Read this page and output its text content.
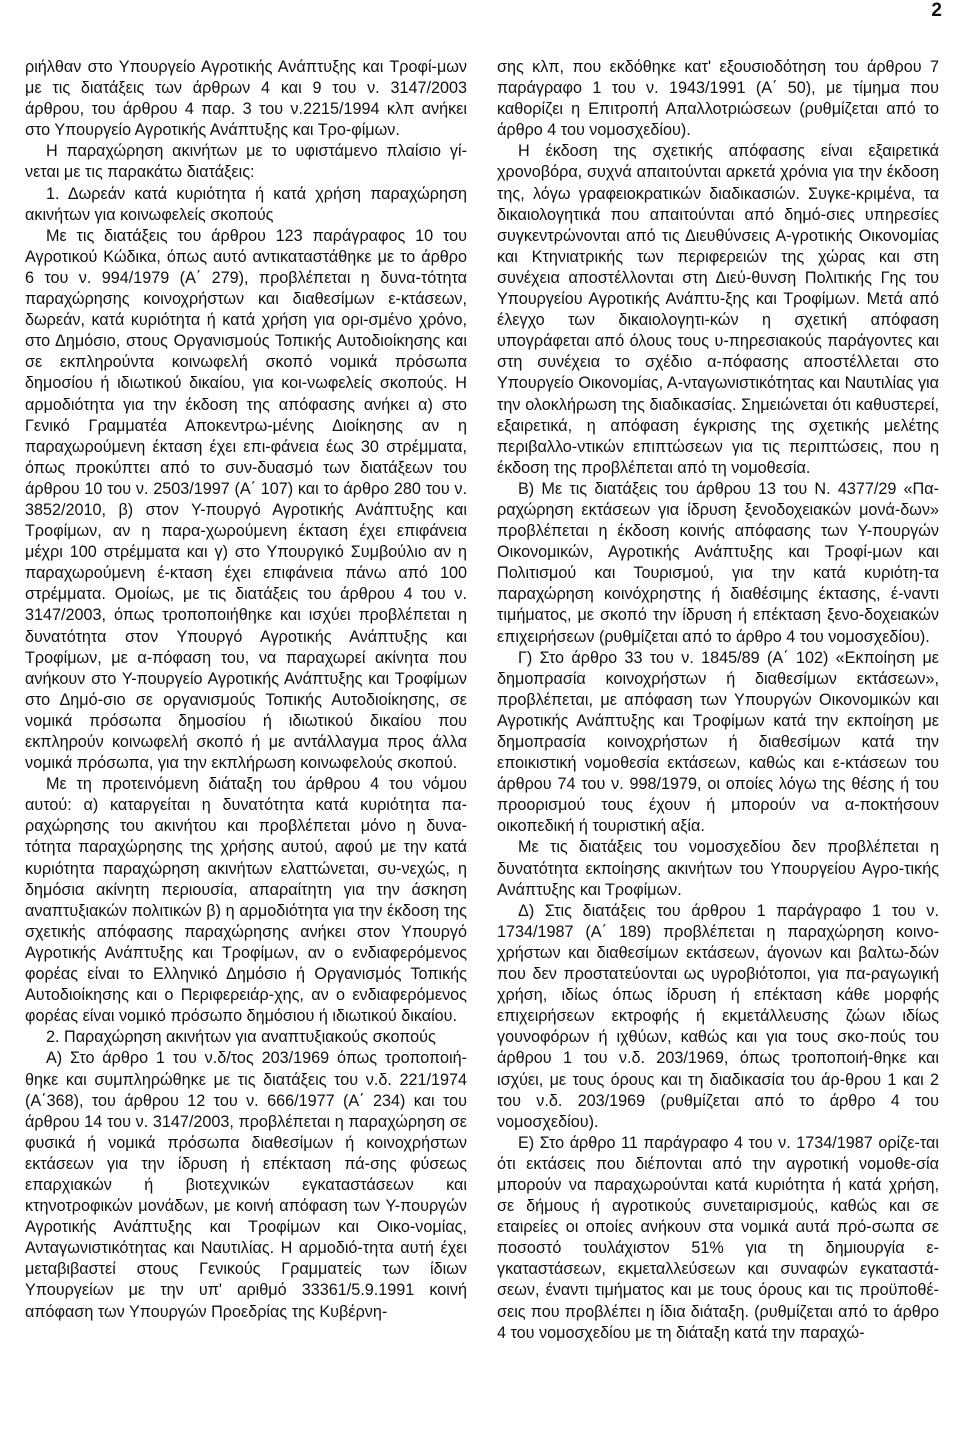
2

ριήλθαν στο Υπουργείο Αγροτικής Ανάπτυξης και Τροφί-μων με τις διατάξεις των άρθρων 4 και 9 του ν. 3147/2003 άρθρου, του άρθρου 4 παρ. 3 του ν.2215/1994 κλπ ανήκει στο Υπουργείο Αγροτικής Ανάπτυξης και Τρο-φίμων.

Η παραχώρηση ακινήτων με το υφιστάμενο πλαίσιο γί-νεται με τις παρακάτω διατάξεις:

1. Δωρεάν κατά κυριότητα ή κατά χρήση παραχώρηση ακινήτων για κοινωφελείς σκοπούς

Με τις διατάξεις του άρθρου 123 παράγραφος 10 του Αγροτικού Κώδικα, όπως αυτό αντικαταστάθηκε με το άρθρο 6 του ν. 994/1979 (Α΄ 279), προβλέπεται η δυνα-τότητα παραχώρησης κοινοχρήστων και διαθεσίμων ε-κτάσεων, δωρεάν, κατά κυριότητα ή κατά χρήση για ορι-σμένο χρόνο, στο Δημόσιο, στους Οργανισμούς Τοπικής Αυτοδιοίκησης και σε εκπληρούντα κοινωφελή σκοπό νομικά πρόσωπα δημοσίου ή ιδιωτικού δικαίου, για κοι-νωφελείς σκοπούς. Η αρμοδιότητα για την έκδοση της απόφασης ανήκει α) στο Γενικό Γραμματέα Αποκεντρω-μένης Διοίκησης αν η παραχωρούμενη έκταση έχει επι-φάνεια έως 30 στρέμματα, όπως προκύπτει από το συν-δυασμό των διατάξεων του άρθρου 10 του ν. 2503/1997 (Α΄ 107) και το άρθρο 280 του ν. 3852/2010, β) στον Υ-πουργό Αγροτικής Ανάπτυξης και Τροφίμων, αν η παρα-χωρούμενη έκταση έχει επιφάνεια μέχρι 100 στρέμματα και γ) στο Υπουργικό Συμβούλιο αν η παραχωρούμενη έ-κταση έχει επιφάνεια πάνω από 100 στρέμματα. Ομοίως, με τις διατάξεις του άρθρου 4 του ν. 3147/2003, όπως τροποποιήθηκε και ισχύει προβλέπεται η δυνατότητα στον Υπουργό Αγροτικής Ανάπτυξης και Τροφίμων, με α-πόφαση του, να παραχωρεί ακίνητα που ανήκουν στο Υ-πουργείο Αγροτικής Ανάπτυξης και Τροφίμων στο Δημό-σιο σε οργανισμούς Τοπικής Αυτοδιοίκησης, σε νομικά πρόσωπα δημοσίου ή ιδιωτικού δικαίου που εκπληρούν κοινωφελή σκοπό ή με αντάλλαγμα προς άλλα νομικά πρόσωπα, για την εκπλήρωση κοινωφελούς σκοπού.

Με τη προτεινόμενη διάταξη του άρθρου 4 του νόμου αυτού: α) καταργείται η δυνατότητα κατά κυριότητα πα-ραχώρησης του ακινήτου και προβλέπεται μόνο η δυνα-τότητα παραχώρησης της χρήσης αυτού, αφού με την κατά κυριότητα παραχώρηση ακινήτων ελαττώνεται, συ-νεχώς, η δημόσια ακίνητη περιουσία, απαραίτητη για την άσκηση αναπτυξιακών πολιτικών β) η αρμοδιότητα για την έκδοση της σχετικής απόφασης παραχώρησης ανήκει στον Υπουργό Αγροτικής Ανάπτυξης και Τροφίμων, αν ο ενδιαφερόμενος φορέας είναι το Ελληνικό Δημόσιο ή Οργανισμός Τοπικής Αυτοδιοίκησης και ο Περιφερειάρ-χης, αν ο ενδιαφερόμενος φορέας είναι νομικό πρόσωπο δημόσιου ή ιδιωτικού δικαίου.

2. Παραχώρηση ακινήτων για αναπτυξιακούς σκοπούς

Α) Στο άρθρο 1 του ν.δ/τος 203/1969 όπως τροποποιή-θηκε και συμπληρώθηκε με τις διατάξεις του ν.δ. 221/1974 (Α΄368), του άρθρου 12 του ν. 666/1977 (Α΄ 234) και του άρθρου 14 του ν. 3147/2003, προβλέπεται η παραχώρηση σε φυσικά ή νομικά πρόσωπα διαθεσίμων ή κοινοχρήστων εκτάσεων για την ίδρυση ή επέκταση πά-σης φύσεως επαρχιακών ή βιοτεχνικών εγκαταστάσεων και κτηνοτροφικών μονάδων, με κοινή απόφαση των Υ-πουργών Αγροτικής Ανάπτυξης και Τροφίμων και Οικο-νομίας, Ανταγωνιστικότητας και Ναυτιλίας. Η αρμοδιό-τητα αυτή έχει μεταβιβαστεί στους Γενικούς Γραμματείς των ίδιων Υπουργείων με την υπ' αριθμό 33361/5.9.1991 κοινή απόφαση των Υπουργών Προεδρίας της Κυβέρνη-

σης κλπ, που εκδόθηκε κατ' εξουσιοδότηση του άρθρου 7 παράγραφο 1 του ν. 1943/1991 (Α΄ 50), με τίμημα που καθορίζει η Επιτροπή Απαλλοτριώσεων (ρυθμίζεται από το άρθρο 4 του νομοσχεδίου).

Η έκδοση της σχετικής απόφασης είναι εξαιρετικά χρονοβόρα, συχνά απαιτούνται αρκετά χρόνια για την έκδοση της, λόγω γραφειοκρατικών διαδικασιών. Συγκε-κριμένα, τα δικαιολογητικά που απαιτούνται από δημό-σιες υπηρεσίες συγκεντρώνονται από τις Διευθύνσεις Α-γροτικής Οικονομίας και Κτηνιατρικής των περιφερειών της χώρας και στη συνέχεια αποστέλλονται στη Διεύ-θυνση Πολιτικής Γης του Υπουργείου Αγροτικής Ανάπτυ-ξης και Τροφίμων. Μετά από έλεγχο των δικαιολογητι-κών η σχετική απόφαση υπογράφεται από όλους τους υ-πηρεσιακούς παράγοντες και στη συνέχεια το σχέδιο α-πόφασης αποστέλλεται στο Υπουργείο Οικονομίας, Α-νταγωνιστικότητας και Ναυτιλίας για την ολοκλήρωση της διαδικασίας. Σημειώνεται ότι καθυστερεί, εξαιρετικά, η απόφαση έγκρισης της σχετικής μελέτης περιβαλλο-ντικών επιπτώσεων για τις περιπτώσεις, που η έκδοση της προβλέπεται από τη νομοθεσία.

Β) Με τις διατάξεις του άρθρου 13 του Ν. 4377/29 «Πα-ραχώρηση εκτάσεων για ίδρυση ξενοδοχειακών μονά-δων» προβλέπεται η έκδοση κοινής απόφασης των Υ-πουργών Οικονομικών, Αγροτικής Ανάπτυξης και Τροφί-μων και Πολιτισμού και Τουρισμού, για την κατά κυριότη-τα παραχώρηση κοινόχρηστης ή διαθέσιμης έκτασης, έ-ναντι τιμήματος, με σκοπό την ίδρυση ή επέκταση ξενο-δοχειακών επιχειρήσεων (ρυθμίζεται από το άρθρο 4 του νομοσχεδίου).

Γ) Στο άρθρο 33 του ν. 1845/89 (Α΄ 102) «Εκποίηση με δημοπρασία κοινοχρήστων ή διαθεσίμων εκτάσεων», προβλέπεται, με απόφαση των Υπουργών Οικονομικών και Αγροτικής Ανάπτυξης και Τροφίμων κατά την εκποίηση με δημοπρασία κοινοχρήστων ή διαθεσίμων κατά την εποικιστική νομοθεσία εκτάσεων, καθώς και ε-κτάσεων του άρθρου 74 του ν. 998/1979, οι οποίες λόγω της θέσης ή του προορισμού τους έχουν ή μπορούν να α-ποκτήσουν οικοπεδική ή τουριστική αξία.

Με τις διατάξεις του νομοσχεδίου δεν προβλέπεται η δυνατότητα εκποίησης ακινήτων του Υπουργείου Αγρο-τικής Ανάπτυξης και Τροφίμων.

Δ) Στις διατάξεις του άρθρου 1 παράγραφο 1 του ν. 1734/1987 (Α΄ 189) προβλέπεται η παραχώρηση κοινο-χρήστων και διαθεσίμων εκτάσεων, άγονων και βαλτω-δών που δεν προστατεύονται ως υγροβιότοποι, για πα-ραγωγική χρήση, ιδίως όπως ίδρυση ή επέκταση κάθε μορφής επιχειρήσεων εκτροφής ή εκμετάλλευσης ζώων ιδίως γουνοφόρων ή ιχθύων, καθώς και για τους σκο-πούς του άρθρου 1 του ν.δ. 203/1969, όπως τροποποιή-θηκε και ισχύει, με τους όρους και τη διαδικασία του άρ-θρου 1 και 2 του ν.δ. 203/1969 (ρυθμίζεται από το άρθρο 4 του νομοσχεδίου).

Ε) Στο άρθρο 11 παράγραφο 4 του ν. 1734/1987 ορίζε-ται ότι εκτάσεις που διέπονται από την αγροτική νομοθε-σία μπορούν να παραχωρούνται κατά κυριότητα ή κατά χρήση, σε δήμους ή αγροτικούς συνεταιρισμούς, καθώς και σε εταιρείες οι οποίες ανήκουν στα νομικά αυτά πρό-σωπα σε ποσοστό τουλάχιστον 51% για τη δημιουργία ε-γκαταστάσεων, εκμεταλλεύσεων και συναφών εγκαταστά-σεων, έναντι τιμήματος και με τους όρους και τις προϋποθέ-σεις που προβλέπει η ίδια διάταξη. (ρυθμίζεται από το άρθρο 4 του νομοσχεδίου με τη διάταξη κατά την παραχώ-
